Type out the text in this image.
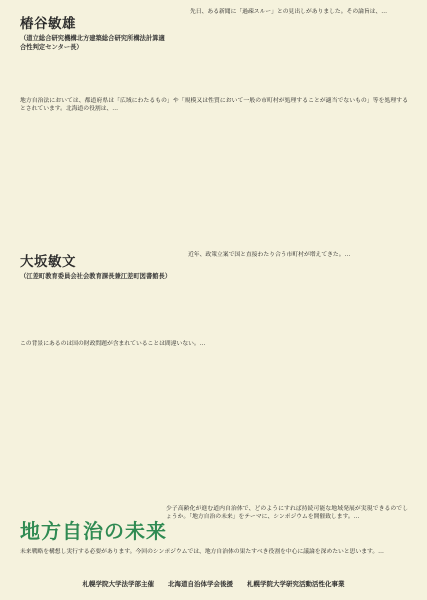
椿谷敏雄
（道立総合研究機構北方建築総合研究所構法計算適合性判定センター長）
先日、ある新聞に「過疎スルー」との見出しがありました。その論旨は、…
地方自治法においては、都道府県は「広域にわたるもの」や「規模又は性質において一般の市町村が処理することが適当でないもの」等を処理するとされています。北海道の役割は、…
大坂敏文
（江差町教育委員会社会教育課長兼江差町図書館長）
近年、政策立案で国と直接わたり合う市町村が増えてきた。…
この背景にあるのは国の財政問題が含まれていることは間違いない。…
地方自治の未来
少子高齢化が進む道内自治体で、どのようにすれば持続可能な地域発展が実現できるのでしょうか。「地方自治の未来」をテーマに、シンポジウムを開催致します。…
未来戦略を構想し実行する必要があります。今回のシンポジウムでは、地方自治体の果たすべき役割を中心に議論を深めたいと思います。…
札幌学院大学法学部主催 北海道自治体学会後援 札幌学院大学研究活動活性化事業
